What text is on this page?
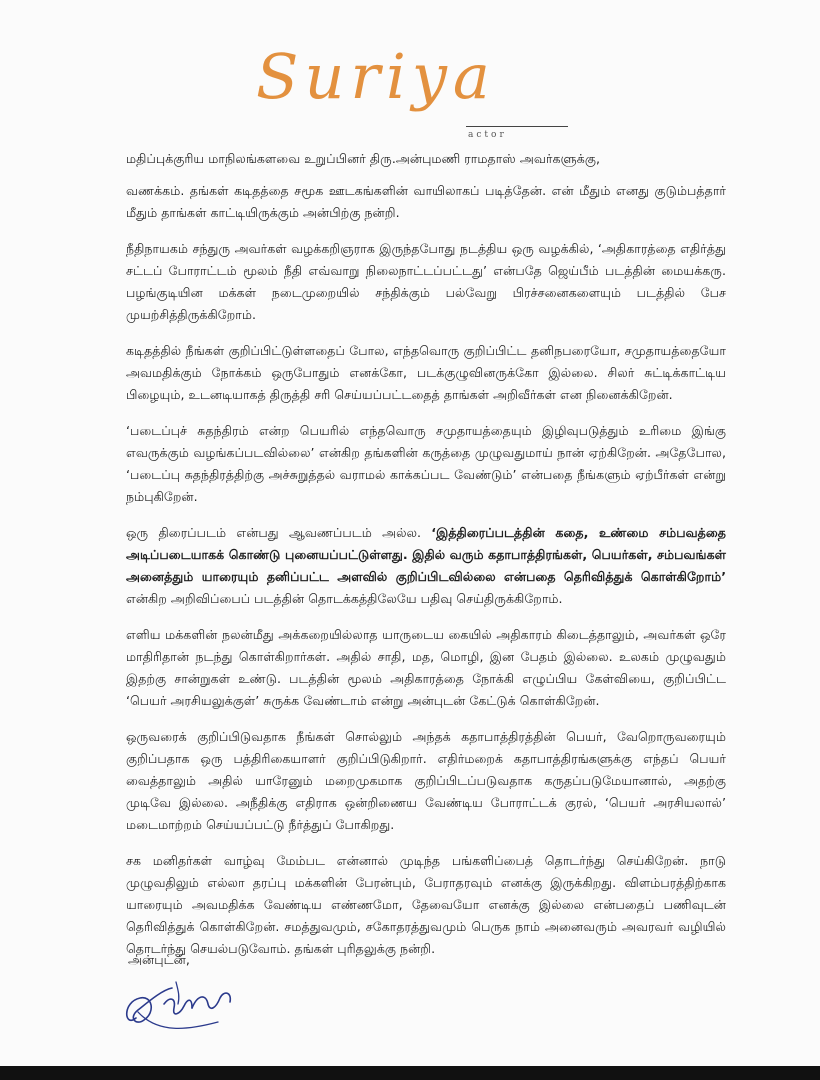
Suriya
actor

மதிப்புக்குரிய மாநிலங்களவை உறுப்பினர் திரு.அன்புமணி ராமதாஸ் அவர்களுக்கு,

வணக்கம். தங்கள் கடிதத்தை சமூக ஊடகங்களின் வாயிலாகப் படித்தேன். என் மீதும் எனது குடும்பத்தார் மீதும் தாங்கள் காட்டியிருக்கும் அன்பிற்கு நன்றி.

நீதிநாயகம் சந்துரு அவர்கள் வழக்கறிஞராக இருந்தபோது நடத்திய ஒரு வழக்கில், ‘அதிகாரத்தை எதிர்த்து சட்டப் போராட்டம் மூலம் நீதி எவ்வாறு நிலைநாட்டப்பட்டது’ என்பதே ஜெய்பீம் படத்தின் மையக்கரு. பழங்குடியின மக்கள் நடைமுறையில் சந்திக்கும் பல்வேறு பிரச்சனைகளையும் படத்தில் பேச முயற்சித்திருக்கிறோம்.

கடிதத்தில் நீங்கள் குறிப்பிட்டுள்ளதைப் போல, எந்தவொரு குறிப்பிட்ட தனிநபரையோ, சமுதாயத்தையோ அவமதிக்கும் நோக்கம் ஒருபோதும் எனக்கோ, படக்குழுவினருக்கோ இல்லை. சிலர் சுட்டிக்காட்டிய பிழையும், உடனடியாகத் திருத்தி சரி செய்யப்பட்டதைத் தாங்கள் அறிவீர்கள் என நினைக்கிறேன்.

‘படைப்புச் சுதந்திரம் என்ற பெயரில் எந்தவொரு சமுதாயத்தையும் இழிவுபடுத்தும் உரிமை இங்கு எவருக்கும் வழங்கப்படவில்லை’ என்கிற தங்களின் கருத்தை முழுவதுமாய் நான் ஏற்கிறேன். அதேபோல, ‘படைப்பு சுதந்திரத்திற்கு அச்சுறுத்தல் வராமல் காக்கப்பட வேண்டும்’ என்பதை நீங்களும் ஏற்பீர்கள் என்று நம்புகிறேன்.

ஒரு திரைப்படம் என்பது ஆவணப்படம் அல்ல. ‘இத்திரைப்படத்தின் கதை, உண்மை சம்பவத்தை அடிப்படையாகக் கொண்டு புனையப்பட்டுள்ளது. இதில் வரும் கதாபாத்திரங்கள், பெயர்கள், சம்பவங்கள் அனைத்தும் யாரையும் தனிப்பட்ட அளவில் குறிப்பிடவில்லை என்பதை தெரிவித்துக் கொள்கிறோம்’ என்கிற அறிவிப்பைப் படத்தின் தொடக்கத்திலேயே பதிவு செய்திருக்கிறோம்.

எளிய மக்களின் நலன்மீது அக்கறையில்லாத யாருடைய கையில் அதிகாரம் கிடைத்தாலும், அவர்கள் ஒரே மாதிரிதான் நடந்து கொள்கிறார்கள். அதில் சாதி, மத, மொழி, இன பேதம் இல்லை. உலகம் முழுவதும் இதற்கு சான்றுகள் உண்டு. படத்தின் மூலம் அதிகாரத்தை நோக்கி எழுப்பிய கேள்வியை, குறிப்பிட்ட ‘பெயர் அரசியலுக்குள்’ சுருக்க வேண்டாம் என்று அன்புடன் கேட்டுக் கொள்கிறேன்.

ஒருவரைக் குறிப்பிடுவதாக நீங்கள் சொல்லும் அந்தக் கதாபாத்திரத்தின் பெயர், வேறொருவரையும் குறிப்பதாக ஒரு பத்திரிகையாளர் குறிப்பிடுகிறார். எதிர்மறைக் கதாபாத்திரங்களுக்கு எந்தப் பெயர் வைத்தாலும் அதில் யாரேனும் மறைமுகமாக குறிப்பிடப்படுவதாக கருதப்படுமேயானால், அதற்கு முடிவே இல்லை. அநீதிக்கு எதிராக ஒன்றிணைய வேண்டிய போராட்டக் குரல், ‘பெயர் அரசியலால்’ மடைமாற்றம் செய்யப்பட்டு நீர்த்துப் போகிறது.

சக மனிதர்கள் வாழ்வு மேம்பட என்னால் முடிந்த பங்களிப்பைத் தொடர்ந்து செய்கிறேன். நாடு முழுவதிலும் எல்லா தரப்பு மக்களின் பேரன்பும், பேராதரவும் எனக்கு இருக்கிறது. விளம்பரத்திற்காக யாரையும் அவமதிக்க வேண்டிய எண்ணமோ, தேவையோ எனக்கு இல்லை என்பதைப் பணிவுடன் தெரிவித்துக் கொள்கிறேன். சமத்துவமும், சகோதரத்துவமும் பெருக நாம் அனைவரும் அவரவர் வழியில் தொடர்ந்து செயல்படுவோம். தங்கள் புரிதலுக்கு நன்றி.

அன்புடன்,
